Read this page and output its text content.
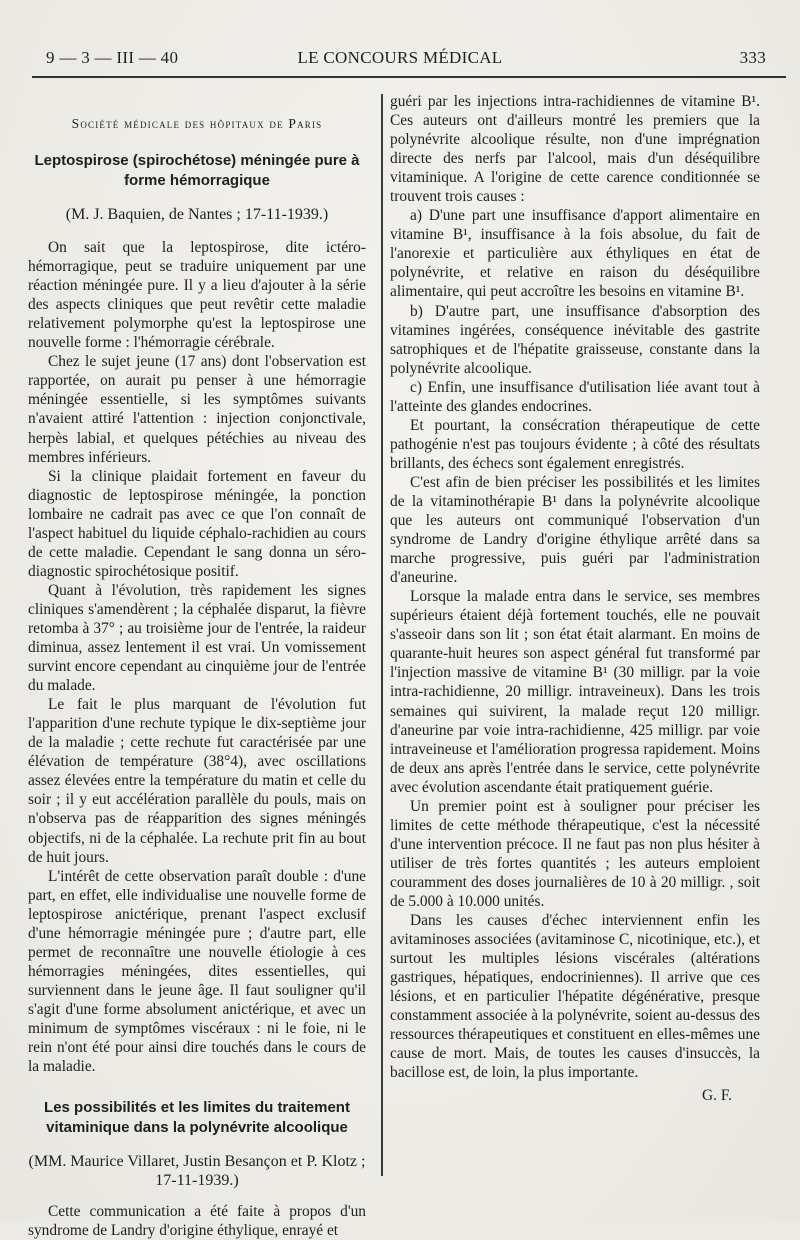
9 — 3 — III — 40	LE CONCOURS MÉDICAL	333
Société médicale des hôpitaux de Paris
Leptospirose (spirochétose) méningée pure à forme hémorragique
(M. J. Baquien, de Nantes ; 17-11-1939.)

On sait que la leptospirose, dite ictéro-hémorragique, peut se traduire uniquement par une réaction méningée pure. Il y a lieu d'ajouter à la série des aspects cliniques que peut revêtir cette maladie relativement polymorphe qu'est la leptospirose une nouvelle forme : l'hémorragie cérébrale.

Chez le sujet jeune (17 ans) dont l'observation est rapportée, on aurait pu penser à une hémorragie méningée essentielle, si les symptômes suivants n'avaient attiré l'attention : injection conjonctivale, herpès labial, et quelques pétéchies au niveau des membres inférieurs.

Si la clinique plaidait fortement en faveur du diagnostic de leptospirose méningée, la ponction lombaire ne cadrait pas avec ce que l'on connaît de l'aspect habituel du liquide céphalo-rachidien au cours de cette maladie. Cependant le sang donna un séro-diagnostic spirochétosique positif.

Quant à l'évolution, très rapidement les signes cliniques s'amendèrent ; la céphalée disparut, la fièvre retomba à 37° ; au troisième jour de l'entrée, la raideur diminua, assez lentement il est vrai. Un vomissement survint encore cependant au cinquième jour de l'entrée du malade.

Le fait le plus marquant de l'évolution fut l'apparition d'une rechute typique le dix-septième jour de la maladie ; cette rechute fut caractérisée par une élévation de température (38°4), avec oscillations assez élevées entre la température du matin et celle du soir ; il y eut accélération parallèle du pouls, mais on n'observa pas de réapparition des signes méningés objectifs, ni de la céphalée. La rechute prit fin au bout de huit jours.

L'intérêt de cette observation paraît double : d'une part, en effet, elle individualise une nouvelle forme de leptospirose anictérique, prenant l'aspect exclusif d'une hémorragie méningée pure ; d'autre part, elle permet de reconnaître une nouvelle étiologie à ces hémorragies méningées, dites essentielles, qui surviennent dans le jeune âge. Il faut souligner qu'il s'agit d'une forme absolument anictérique, et avec un minimum de symptômes viscéraux : ni le foie, ni le rein n'ont été pour ainsi dire touchés dans le cours de la maladie.

Les possibilités et les limites du traitement vitaminique dans la polynévrite alcoolique
(MM. Maurice Villaret, Justin Besançon et P. Klotz ; 17-11-1939.)

Cette communication a été faite à propos d'un syndrome de Landry d'origine éthylique, enrayé et

guéri par les injections intra-rachidiennes de vitamine B¹. Ces auteurs ont d'ailleurs montré les premiers que la polynévrite alcoolique résulte, non d'une imprégnation directe des nerfs par l'alcool, mais d'un déséquilibre vitaminique. A l'origine de cette carence conditionnée se trouvent trois causes :

a) D'une part une insuffisance d'apport alimentaire en vitamine B¹, insuffisance à la fois absolue, du fait de l'anorexie et particulière aux éthyliques en état de polynévrite, et relative en raison du déséquilibre alimentaire, qui peut accroître les besoins en vitamine B¹.

b) D'autre part, une insuffisance d'absorption des vitamines ingérées, conséquence inévitable des gastrite satrophiques et de l'hépatite graisseuse, constante dans la polynévrite alcoolique.

c) Enfin, une insuffisance d'utilisation liée avant tout à l'atteinte des glandes endocrines.

Et pourtant, la consécration thérapeutique de cette pathogénie n'est pas toujours évidente ; à côté des résultats brillants, des échecs sont également enregistrés.

C'est afin de bien préciser les possibilités et les limites de la vitaminothérapie B¹ dans la polynévrite alcoolique que les auteurs ont communiqué l'observation d'un syndrome de Landry d'origine éthylique arrêté dans sa marche progressive, puis guéri par l'administration d'aneurine.

Lorsque la malade entra dans le service, ses membres supérieurs étaient déjà fortement touchés, elle ne pouvait s'asseoir dans son lit ; son état était alarmant. En moins de quarante-huit heures son aspect général fut transformé par l'injection massive de vitamine B¹ (30 milligr. par la voie intra-rachidienne, 20 milligr. intraveineux). Dans les trois semaines qui suivirent, la malade reçut 120 milligr. d'aneurine par voie intra-rachidienne, 425 milligr. par voie intraveineuse et l'amélioration progressa rapidement. Moins de deux ans après l'entrée dans le service, cette polynévrite avec évolution ascendante était pratiquement guérie.

Un premier point est à souligner pour préciser les limites de cette méthode thérapeutique, c'est la nécessité d'une intervention précoce. Il ne faut pas non plus hésiter à utiliser de très fortes quantités ; les auteurs emploient couramment des doses journalières de 10 à 20 milligr. , soit de 5.000 à 10.000 unités.

Dans les causes d'échec interviennent enfin les avitaminoses associées (avitaminose C, nicotinique, etc.), et surtout les multiples lésions viscérales (altérations gastriques, hépatiques, endocriniennes). Il arrive que ces lésions, et en particulier l'hépatite dégénérative, presque constamment associée à la polynévrite, soient au-dessus des ressources thérapeutiques et constituent en elles-mêmes une cause de mort. Mais, de toutes les causes d'insuccès, la bacillose est, de loin, la plus importante.

G. F.
